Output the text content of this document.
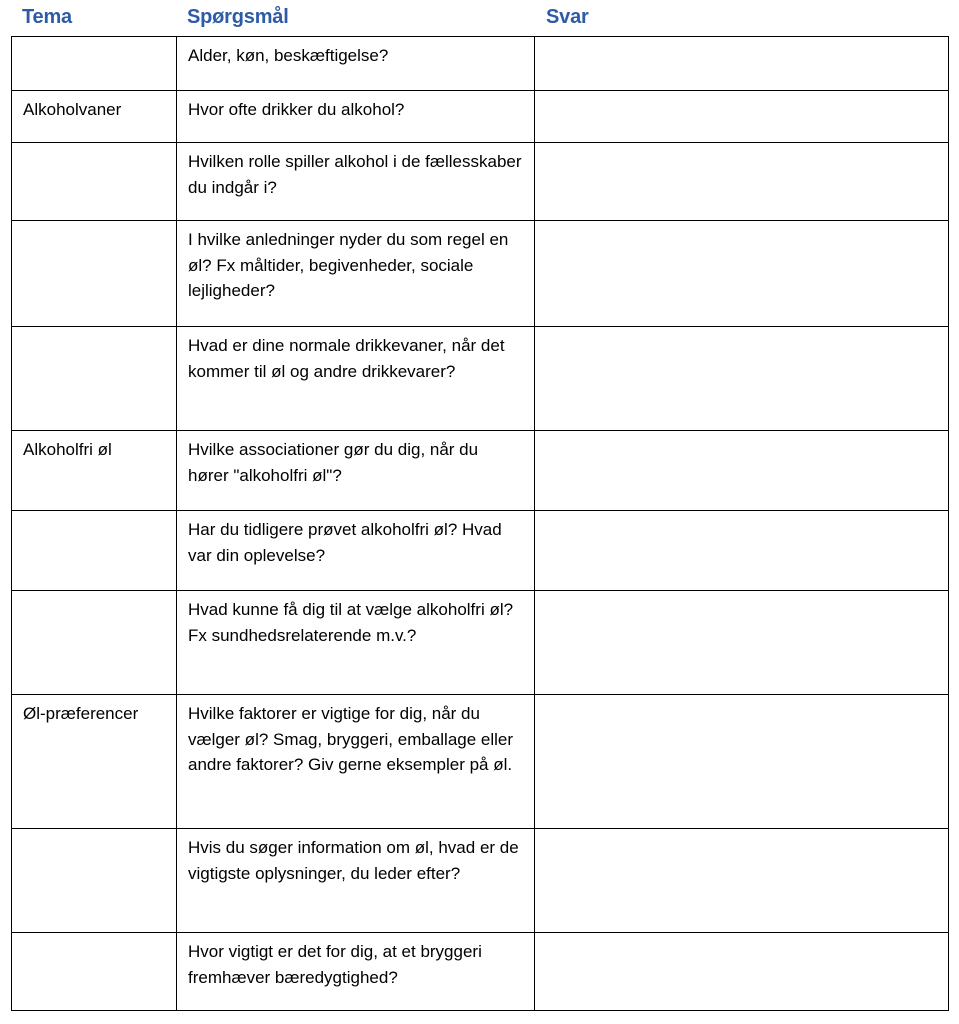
Tema	Spørgsmål	Svar
	Alder, køn, beskæftigelse?	
Alkoholvaner	Hvor ofte drikker du alkohol?	
	Hvilken rolle spiller alkohol i de fællesskaber du indgår i?	
	I hvilke anledninger nyder du som regel en øl? Fx måltider, begivenheder, sociale lejligheder?	
	Hvad er dine normale drikkevaner, når det kommer til øl og andre drikkevarer?	
Alkoholfri øl	Hvilke associationer gør du dig, når du hører "alkoholfri øl"?	
	Har du tidligere prøvet alkoholfri øl? Hvad var din oplevelse?	
	Hvad kunne få dig til at vælge alkoholfri øl? Fx sundhedsrelaterende m.v.?	
Øl-præferencer	Hvilke faktorer er vigtige for dig, når du vælger øl? Smag, bryggeri, emballage eller andre faktorer? Giv gerne eksempler på øl.	
	Hvis du søger information om øl, hvad er de vigtigste oplysninger, du leder efter?	
	Hvor vigtigt er det for dig, at et bryggeri fremhæver bæredygtighed?	
